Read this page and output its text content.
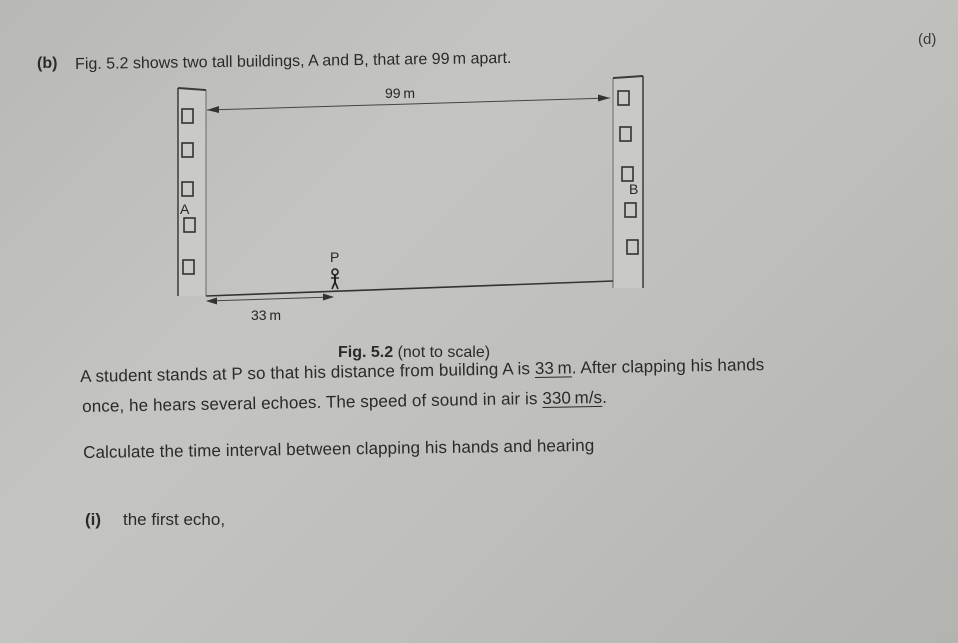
(d)
(b) Fig. 5.2 shows two tall buildings, A and B, that are 99 m apart.
A
B
99 m
33 m
P
Fig. 5.2 (not to scale)
A student stands at P so that his distance from building A is 33 m. After clapping his hands
once, he hears several echoes. The speed of sound in air is 330 m/s.
Calculate the time interval between clapping his hands and hearing
(i) the first echo,
